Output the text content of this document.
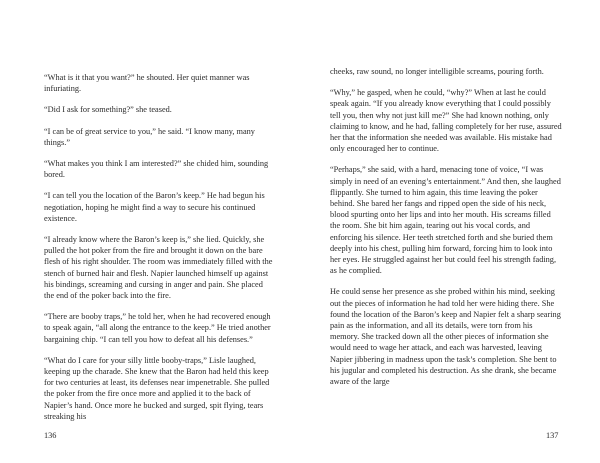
“What is it that you want?” he shouted. Her quiet manner was infuriating.

“Did I ask for something?” she teased.

“I can be of great service to you,” he said. “I know many, many things.”

“What makes you think I am interested?” she chided him, sounding bored.

“I can tell you the location of the Baron’s keep.” He had begun his negotiation, hoping he might find a way to secure his continued existence.

“I already know where the Baron’s keep is,” she lied. Quickly, she pulled the hot poker from the fire and brought it down on the bare flesh of his right shoulder. The room was immediately filled with the stench of burned hair and flesh. Napier launched himself up against his bindings, screaming and cursing in anger and pain. She placed the end of the poker back into the fire.

“There are booby traps,” he told her, when he had recovered enough to speak again, “all along the entrance to the keep.” He tried another bargaining chip. “I can tell you how to defeat all his defenses.”

“What do I care for your silly little booby-traps,” Lisle laughed, keeping up the charade. She knew that the Baron had held this keep for two centuries at least, its defenses near impenetrable. She pulled the poker from the fire once more and applied it to the back of Napier’s hand. Once more he bucked and surged, spit flying, tears streaking his

136

cheeks, raw sound, no longer intelligible screams, pouring forth.

“Why,” he gasped, when he could, “why?” When at last he could speak again. “If you already know everything that I could possibly tell you, then why not just kill me?” She had known nothing, only claiming to know, and he had, falling completely for her ruse, assured her that the information she needed was available. His mistake had only encouraged her to continue.

“Perhaps,” she said, with a hard, menacing tone of voice, “I was simply in need of an evening’s entertainment.” And then, she laughed flippantly. She turned to him again, this time leaving the poker behind. She bared her fangs and ripped open the side of his neck, blood spurting onto her lips and into her mouth. His screams filled the room. She bit him again, tearing out his vocal cords, and enforcing his silence. Her teeth stretched forth and she buried them deeply into his chest, pulling him forward, forcing him to look into her eyes. He struggled against her but could feel his strength fading, as he complied.

He could sense her presence as she probed within his mind, seeking out the pieces of information he had told her were hiding there. She found the location of the Baron’s keep and Napier felt a sharp searing pain as the information, and all its details, were torn from his memory. She tracked down all the other pieces of information she would need to wage her attack, and each was harvested, leaving Napier jibbering in madness upon the task’s completion. She bent to his jugular and completed his destruction. As she drank, she became aware of the large

137
